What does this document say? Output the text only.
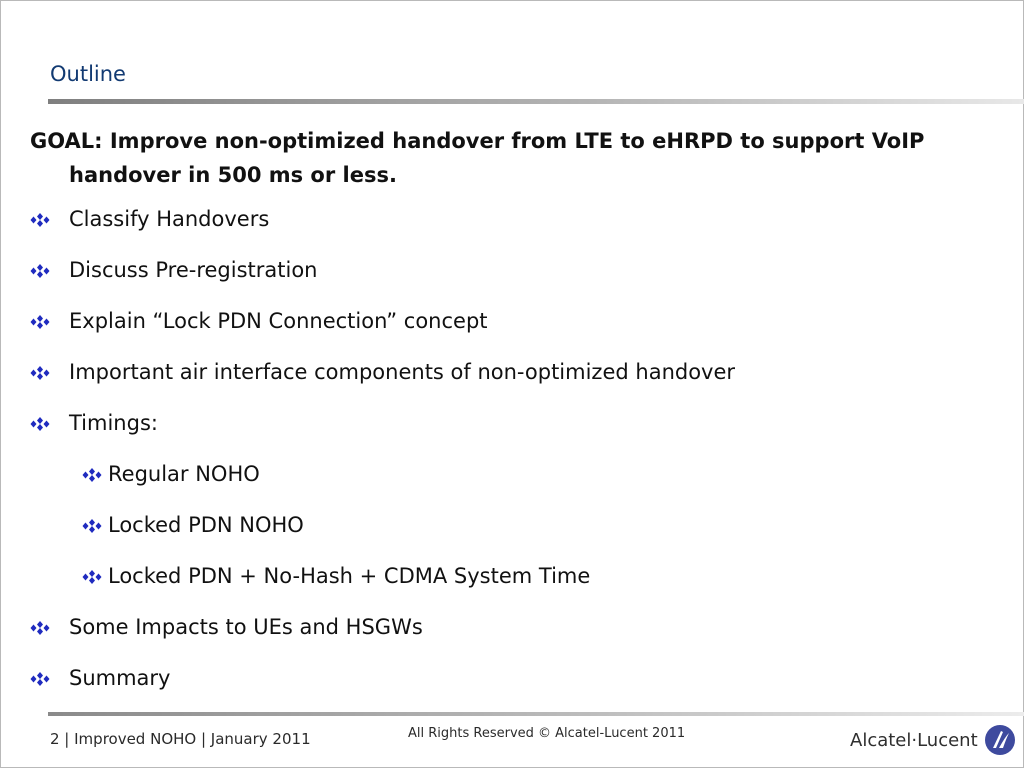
Outline
GOAL: Improve non-optimized handover from LTE to eHRPD to support VoIP handover in 500 ms or less.
Classify Handovers
Discuss Pre-registration
Explain “Lock PDN Connection” concept
Important air interface components of non-optimized handover
Timings:
Regular NOHO
Locked PDN NOHO
Locked PDN + No-Hash + CDMA System Time
Some Impacts to UEs and HSGWs
Summary
2 | Improved NOHO | January 2011	All Rights Reserved © Alcatel-Lucent 2011	Alcatel·Lucent
